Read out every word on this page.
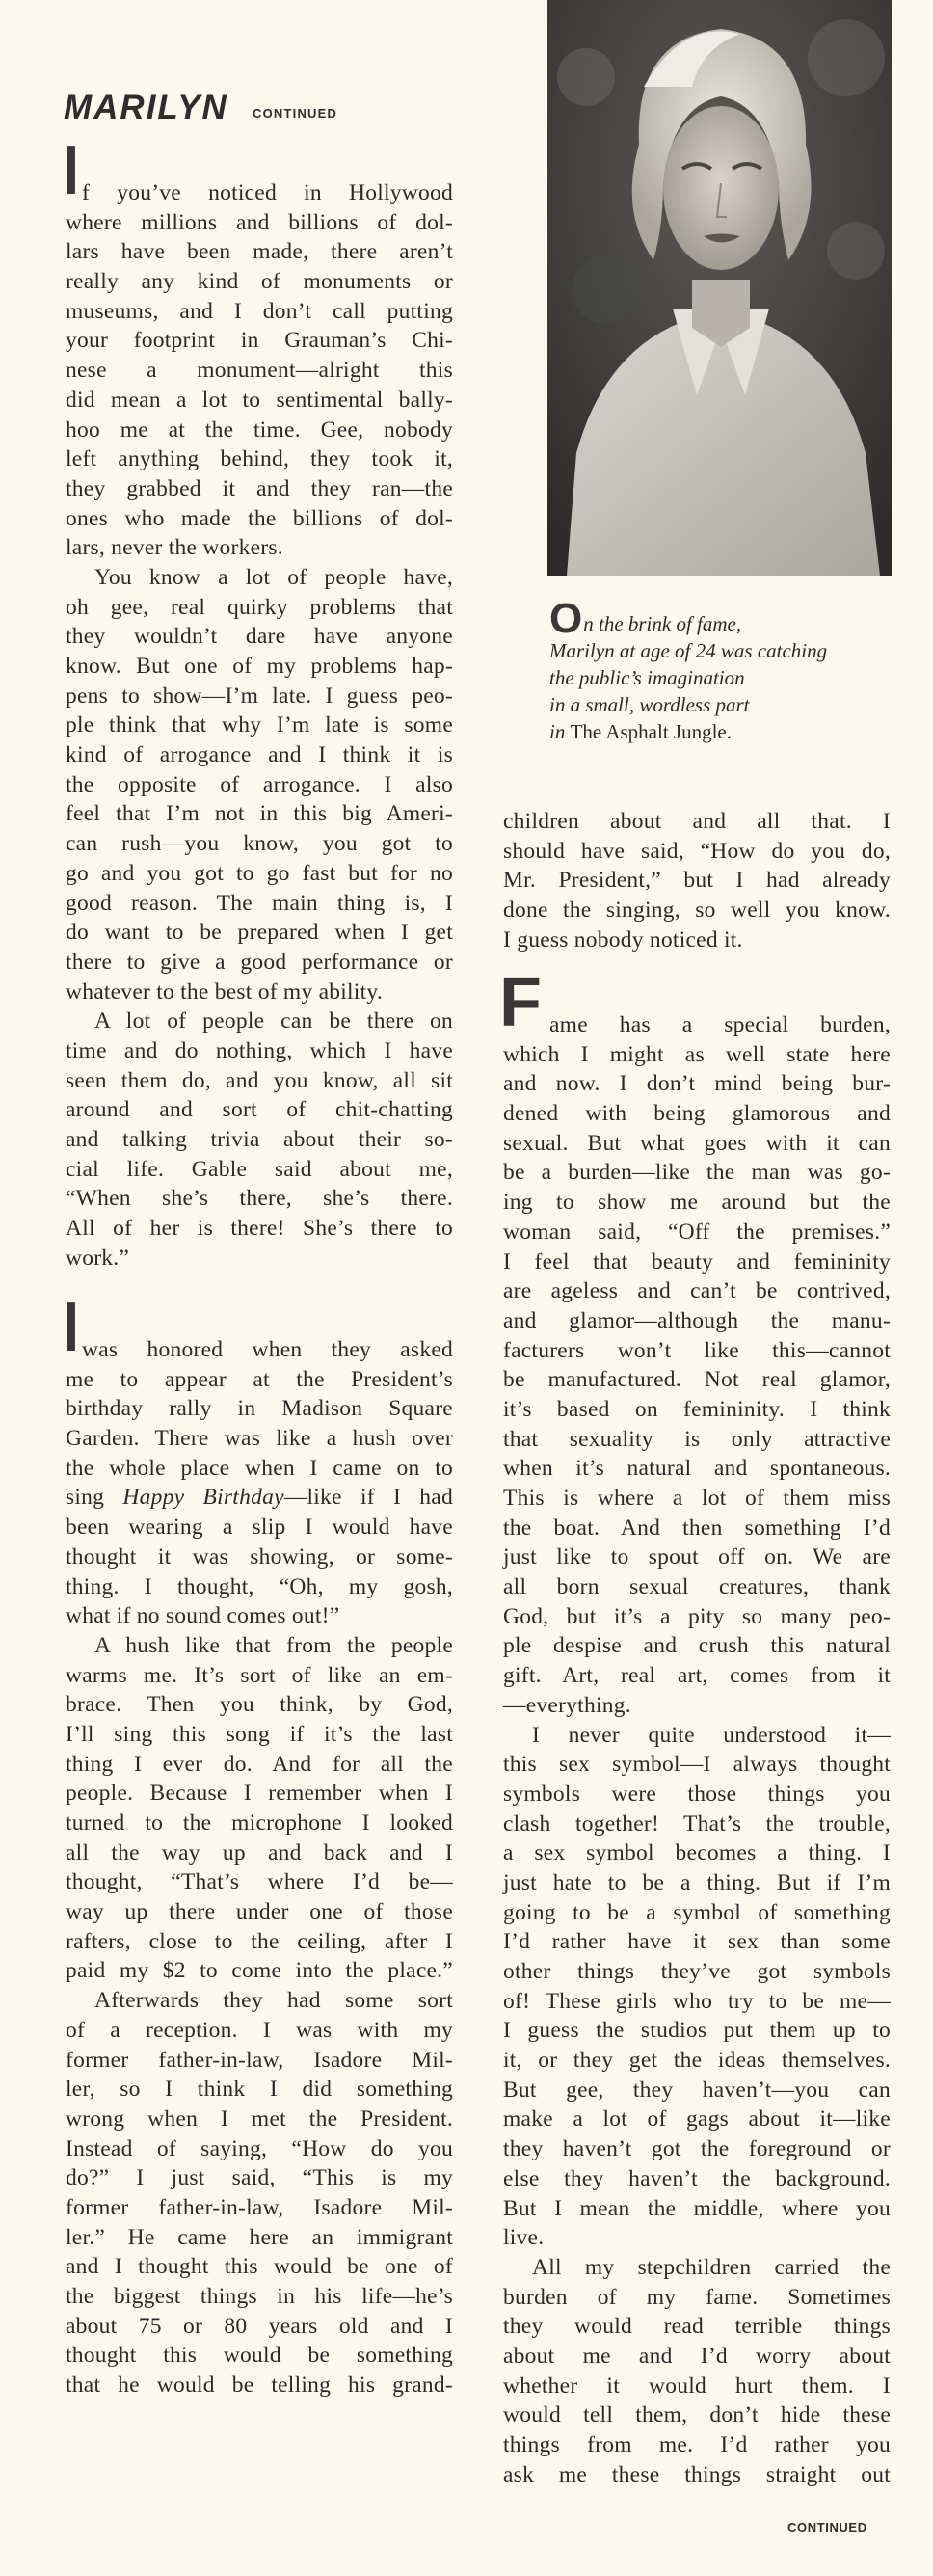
MARILYN CONTINUED
On the brink of fame,
Marilyn at age of 24 was catching
the public’s imagination
in a small, wordless part
in The Asphalt Jungle.
I f you’ve noticed in Hollywood
where millions and billions of dol-
lars have been made, there aren’t
really any kind of monuments or
museums, and I don’t call putting
your footprint in Grauman’s Chi-
nese a monument—alright this
did mean a lot to sentimental bally-
hoo me at the time. Gee, nobody
left anything behind, they took it,
they grabbed it and they ran—the
ones who made the billions of dol-
lars, never the workers.
You know a lot of people have,
oh gee, real quirky problems that
they wouldn’t dare have anyone
know. But one of my problems hap-
pens to show—I’m late. I guess peo-
ple think that why I’m late is some
kind of arrogance and I think it is
the opposite of arrogance. I also
feel that I’m not in this big Ameri-
can rush—you know, you got to
go and you got to go fast but for no
good reason. The main thing is, I
do want to be prepared when I get
there to give a good performance or
whatever to the best of my ability.
A lot of people can be there on
time and do nothing, which I have
seen them do, and you know, all sit
around and sort of chit-chatting
and talking trivia about their so-
cial life. Gable said about me,
“When she’s there, she’s there.
All of her is there! She’s there to
work.”
I was honored when they asked
me to appear at the President’s
birthday rally in Madison Square
Garden. There was like a hush over
the whole place when I came on to
sing Happy Birthday—like if I had
been wearing a slip I would have
thought it was showing, or some-
thing. I thought, “Oh, my gosh,
what if no sound comes out!”
A hush like that from the people
warms me. It’s sort of like an em-
brace. Then you think, by God,
I’ll sing this song if it’s the last
thing I ever do. And for all the
people. Because I remember when I
turned to the microphone I looked
all the way up and back and I
thought, “That’s where I’d be—
way up there under one of those
rafters, close to the ceiling, after I
paid my $2 to come into the place.”
Afterwards they had some sort
of a reception. I was with my
former father-in-law, Isadore Mil-
ler, so I think I did something
wrong when I met the President.
Instead of saying, “How do you
do?” I just said, “This is my
former father-in-law, Isadore Mil-
ler.” He came here an immigrant
and I thought this would be one of
the biggest things in his life—he’s
about 75 or 80 years old and I
thought this would be something
that he would be telling his grand-
children about and all that. I
should have said, “How do you do,
Mr. President,” but I had already
done the singing, so well you know.
I guess nobody noticed it.
F ame has a special burden,
which I might as well state here
and now. I don’t mind being bur-
dened with being glamorous and
sexual. But what goes with it can
be a burden—like the man was go-
ing to show me around but the
woman said, “Off the premises.”
I feel that beauty and femininity
are ageless and can’t be contrived,
and glamor—although the manu-
facturers won’t like this—cannot
be manufactured. Not real glamor,
it’s based on femininity. I think
that sexuality is only attractive
when it’s natural and spontaneous.
This is where a lot of them miss
the boat. And then something I’d
just like to spout off on. We are
all born sexual creatures, thank
God, but it’s a pity so many peo-
ple despise and crush this natural
gift. Art, real art, comes from it
—everything.
I never quite understood it—
this sex symbol—I always thought
symbols were those things you
clash together! That’s the trouble,
a sex symbol becomes a thing. I
just hate to be a thing. But if I’m
going to be a symbol of something
I’d rather have it sex than some
other things they’ve got symbols
of! These girls who try to be me—
I guess the studios put them up to
it, or they get the ideas themselves.
But gee, they haven’t—you can
make a lot of gags about it—like
they haven’t got the foreground or
else they haven’t the background.
But I mean the middle, where you
live.
All my stepchildren carried the
burden of my fame. Sometimes
they would read terrible things
about me and I’d worry about
whether it would hurt them. I
would tell them, don’t hide these
things from me. I’d rather you
ask me these things straight out
CONTINUED
